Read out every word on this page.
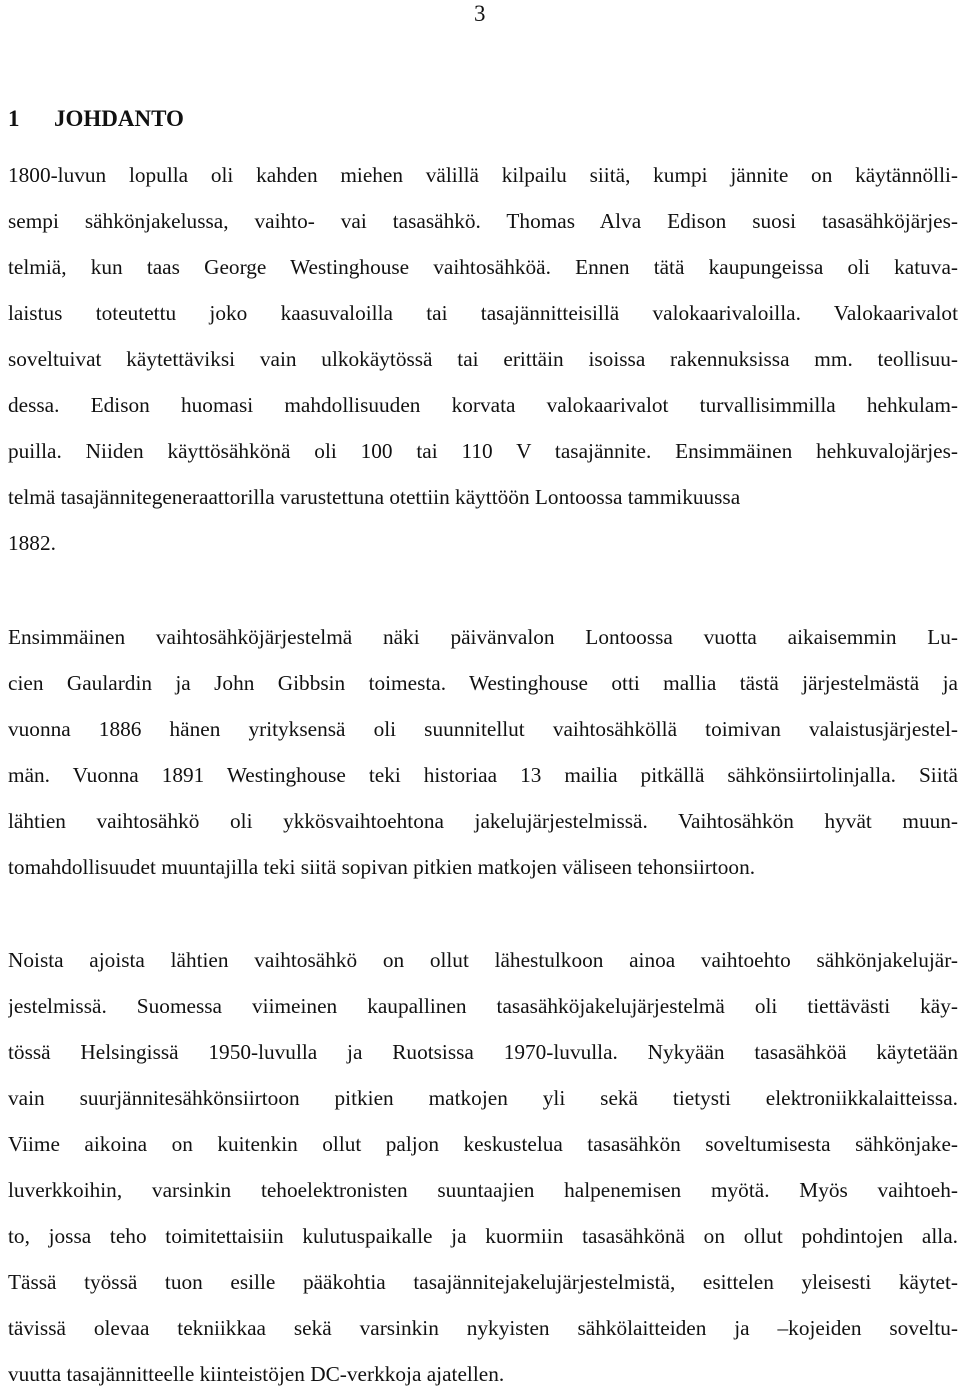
3
1 JOHDANTO
1800-luvun lopulla oli kahden miehen välillä kilpailu siitä, kumpi jännite on käytännölli-
sempi sähkönjakelussa, vaihto- vai tasasähkö. Thomas Alva Edison suosi tasasähköjärjes-
telmiä, kun taas George Westinghouse vaihtosähköä. Ennen tätä kaupungeissa oli katuva-
laistus toteutettu joko kaasuvaloilla tai tasajännitteisillä valokaarivaloilla. Valokaarivalot
soveltuivat käytettäviksi vain ulkokäytössä tai erittäin isoissa rakennuksissa mm. teollisuu-
dessa. Edison huomasi mahdollisuuden korvata valokaarivalot turvallisimmilla hehkulam-
puilla. Niiden käyttösähkönä oli 100 tai 110 V tasajännite. Ensimmäinen hehkuvalojärjes-
telmä tasajännitegeneraattorilla varustettuna otettiin käyttöön Lontoossa tammikuussa
1882.
Ensimmäinen vaihtosähköjärjestelmä näki päivänvalon Lontoossa vuotta aikaisemmin Lu-
cien Gaulardin ja John Gibbsin toimesta. Westinghouse otti mallia tästä järjestelmästä ja
vuonna 1886 hänen yrityksensä oli suunnitellut vaihtosähköllä toimivan valaistusjärjestel-
män. Vuonna 1891 Westinghouse teki historiaa 13 mailia pitkällä sähkönsiirtolinjalla. Siitä
lähtien vaihtosähkö oli ykkösvaihtoehtona jakelujärjestelmissä. Vaihtosähkön hyvät muun-
tomahdollisuudet muuntajilla teki siitä sopivan pitkien matkojen väliseen tehonsiirtoon.
Noista ajoista lähtien vaihtosähkö on ollut lähestulkoon ainoa vaihtoehto sähkönjakelujär-
jestelmissä. Suomessa viimeinen kaupallinen tasasähköjakelujärjestelmä oli tiettävästi käy-
tössä Helsingissä 1950-luvulla ja Ruotsissa 1970-luvulla. Nykyään tasasähköä käytetään
vain suurjännitesähkönsiirtoon pitkien matkojen yli sekä tietysti elektroniikkalaitteissa.
Viime aikoina on kuitenkin ollut paljon keskustelua tasasähkön soveltumisesta sähkönjake-
luverkkoihin, varsinkin tehoelektronisten suuntaajien halpenemisen myötä. Myös vaihtoeh-
to, jossa teho toimitettaisiin kulutuspaikalle ja kuormiin tasasähkönä on ollut pohdintojen alla.
Tässä työssä tuon esille pääkohtia tasajännitejakelujärjestelmistä, esittelen yleisesti käytet-
tävissä olevaa tekniikkaa sekä varsinkin nykyisten sähkölaitteiden ja –kojeiden soveltu-
vuutta tasajännitteelle kiinteistöjen DC-verkkoja ajatellen.
